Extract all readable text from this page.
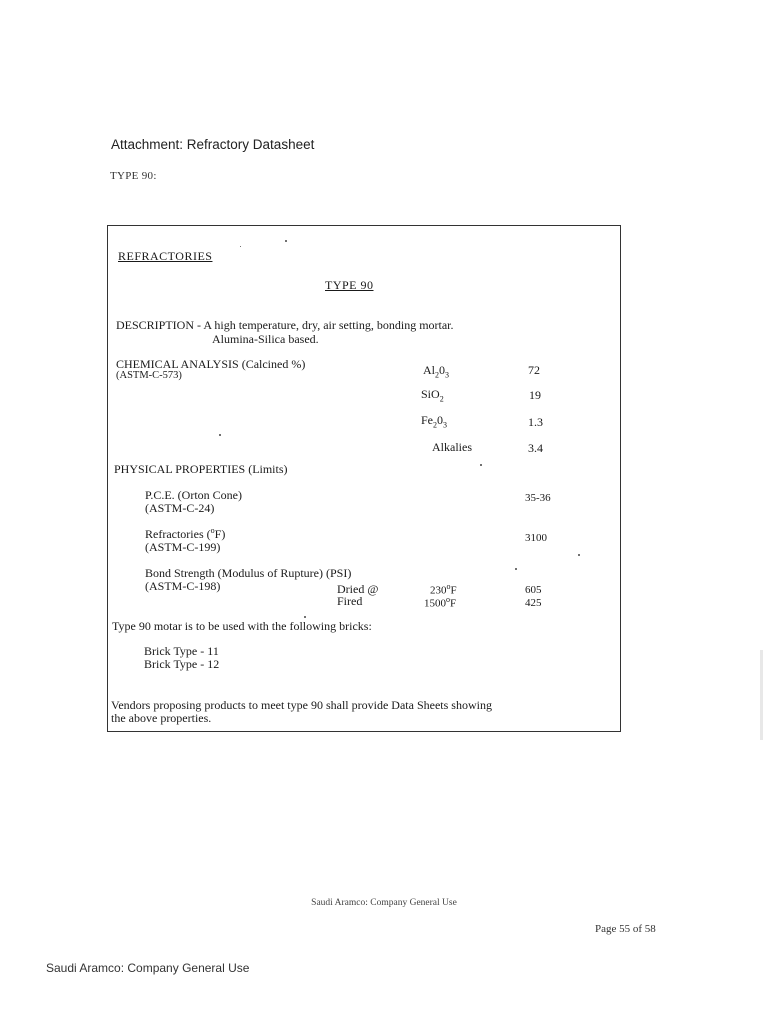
Attachment: Refractory Datasheet
TYPE 90:
REFRACTORIES
TYPE 90
DESCRIPTION - A high temperature, dry, air setting, bonding mortar.
Alumina-Silica based.
CHEMICAL ANALYSIS (Calcined %)
(ASTM-C-573)	$Al_20_3$	72
SiO$_2$	19
$Fe_20_3$	1.3
Alkalies	3.4
PHYSICAL PROPERTIES (Limits)
P.C.E. (Orton Cone)
(ASTM-C-24)
35-36
Refractories ($^o$F)
(ASTM-C-199)
3100
Bond Strength (Modulus of Rupture) (PSI)
(ASTM-C-198)	Dried @	230$^o$F	605
Fired	1500$^o$F	425
Type 90 motar is to be used with the following bricks:
Brick Type - 11
Brick Type - 12
Vendors proposing products to meet type 90 shall provide Data Sheets showing
the above properties.
Saudi Aramco: Company General Use
Page 55 of 58
Saudi Aramco: Company General Use
